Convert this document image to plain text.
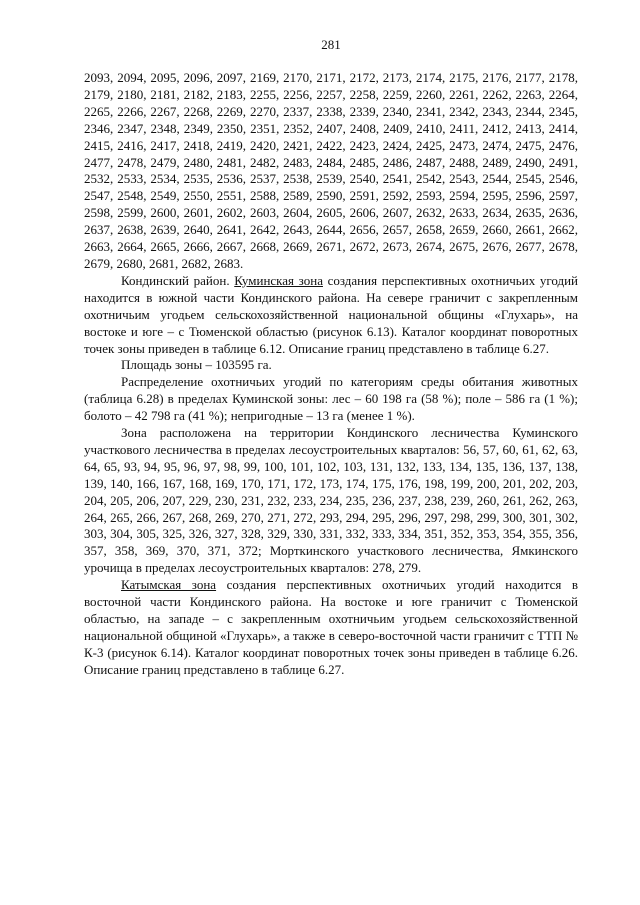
281

2093, 2094, 2095, 2096, 2097, 2169, 2170, 2171, 2172, 2173, 2174, 2175, 2176, 2177, 2178, 2179, 2180, 2181, 2182, 2183, 2255, 2256, 2257, 2258, 2259, 2260, 2261, 2262, 2263, 2264, 2265, 2266, 2267, 2268, 2269, 2270, 2337, 2338, 2339, 2340, 2341, 2342, 2343, 2344, 2345, 2346, 2347, 2348, 2349, 2350, 2351, 2352, 2407, 2408, 2409, 2410, 2411, 2412, 2413, 2414, 2415, 2416, 2417, 2418, 2419, 2420, 2421, 2422, 2423, 2424, 2425, 2473, 2474, 2475, 2476, 2477, 2478, 2479, 2480, 2481, 2482, 2483, 2484, 2485, 2486, 2487, 2488, 2489, 2490, 2491, 2532, 2533, 2534, 2535, 2536, 2537, 2538, 2539, 2540, 2541, 2542, 2543, 2544, 2545, 2546, 2547, 2548, 2549, 2550, 2551, 2588, 2589, 2590, 2591, 2592, 2593, 2594, 2595, 2596, 2597, 2598, 2599, 2600, 2601, 2602, 2603, 2604, 2605, 2606, 2607, 2632, 2633, 2634, 2635, 2636, 2637, 2638, 2639, 2640, 2641, 2642, 2643, 2644, 2656, 2657, 2658, 2659, 2660, 2661, 2662, 2663, 2664, 2665, 2666, 2667, 2668, 2669, 2671, 2672, 2673, 2674, 2675, 2676, 2677, 2678, 2679, 2680, 2681, 2682, 2683.

Кондинский район. Куминская зона создания перспективных охотничьих угодий находится в южной части Кондинского района. На севере граничит с закрепленным охотничьим угодьем сельскохозяйственной национальной общины «Глухарь», на востоке и юге – с Тюменской областью (рисунок 6.13). Каталог координат поворотных точек зоны приведен в таблице 6.12. Описание границ представлено в таблице 6.27.

Площадь зоны – 103595 га.

Распределение охотничьих угодий по категориям среды обитания животных (таблица 6.28) в пределах Куминской зоны: лес – 60 198 га (58 %); поле – 586 га (1 %); болото – 42 798 га (41 %); непригодные – 13 га (менее 1 %).

Зона расположена на территории Кондинского лесничества Куминского участкового лесничества в пределах лесоустроительных кварталов: 56, 57, 60, 61, 62, 63, 64, 65, 93, 94, 95, 96, 97, 98, 99, 100, 101, 102, 103, 131, 132, 133, 134, 135, 136, 137, 138, 139, 140, 166, 167, 168, 169, 170, 171, 172, 173, 174, 175, 176, 198, 199, 200, 201, 202, 203, 204, 205, 206, 207, 229, 230, 231, 232, 233, 234, 235, 236, 237, 238, 239, 260, 261, 262, 263, 264, 265, 266, 267, 268, 269, 270, 271, 272, 293, 294, 295, 296, 297, 298, 299, 300, 301, 302, 303, 304, 305, 325, 326, 327, 328, 329, 330, 331, 332, 333, 334, 351, 352, 353, 354, 355, 356, 357, 358, 369, 370, 371, 372; Морткинского участкового лесничества, Ямкинского урочища в пределах лесоустроительных кварталов: 278, 279.

Катымская зона создания перспективных охотничьих угодий находится в восточной части Кондинского района. На востоке и юге граничит с Тюменской областью, на западе – с закрепленным охотничьим угодьем сельскохозяйственной национальной общиной «Глухарь», а также в северо-восточной части граничит с ТТП № К-3 (рисунок 6.14). Каталог координат поворотных точек зоны приведен в таблице 6.26. Описание границ представлено в таблице 6.27.
